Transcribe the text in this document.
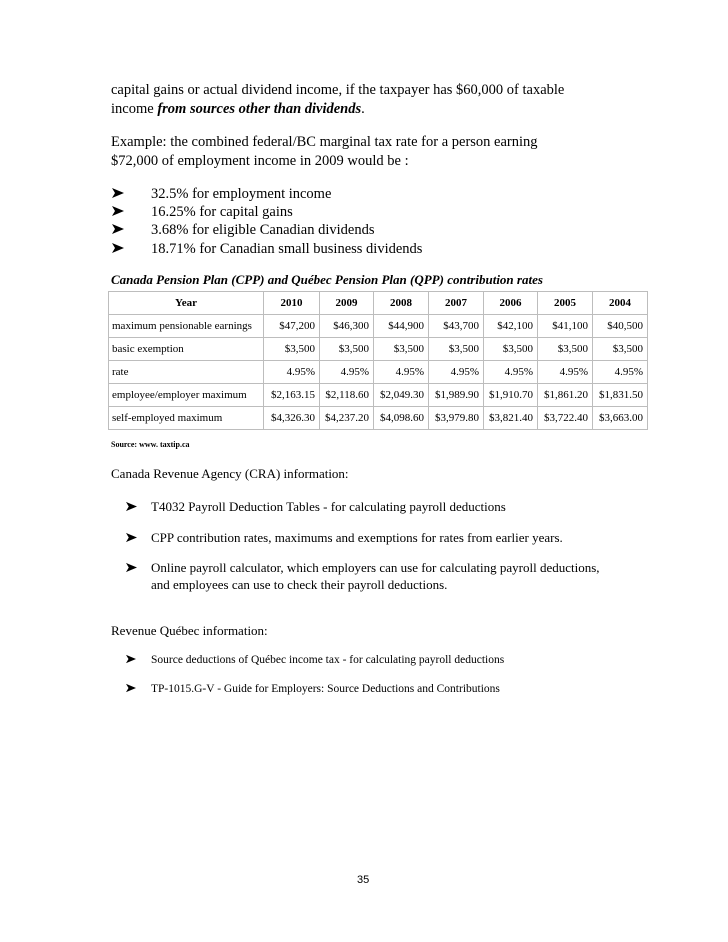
capital gains or actual dividend income, if the taxpayer has $60,000 of taxable
income from sources other than dividends.
Example: the combined federal/BC marginal tax rate for a person earning
$72,000 of employment income in 2009 would be :
32.5% for employment income
16.25% for capital gains
3.68% for eligible Canadian dividends
18.71% for Canadian small business dividends
Canada Pension Plan (CPP) and Québec Pension Plan (QPP) contribution rates
Year	2010	2009	2008	2007	2006	2005	2004
maximum pensionable earnings	$47,200	$46,300	$44,900	$43,700	$42,100	$41,100	$40,500
basic exemption	$3,500	$3,500	$3,500	$3,500	$3,500	$3,500	$3,500
rate	4.95%	4.95%	4.95%	4.95%	4.95%	4.95%	4.95%
employee/employer maximum	$2,163.15	$2,118.60	$2,049.30	$1,989.90	$1,910.70	$1,861.20	$1,831.50
self-employed maximum	$4,326.30	$4,237.20	$4,098.60	$3,979.80	$3,821.40	$3,722.40	$3,663.00
Source: www. taxtip.ca
Canada Revenue Agency (CRA) information:
T4032 Payroll Deduction Tables - for calculating payroll deductions
CPP contribution rates, maximums and exemptions for rates from earlier years.
Online payroll calculator, which employers can use for calculating payroll deductions,
and employees can use to check their payroll deductions.
Revenue Québec information:
Source deductions of Québec income tax - for calculating payroll deductions
TP-1015.G-V - Guide for Employers: Source Deductions and Contributions
35
